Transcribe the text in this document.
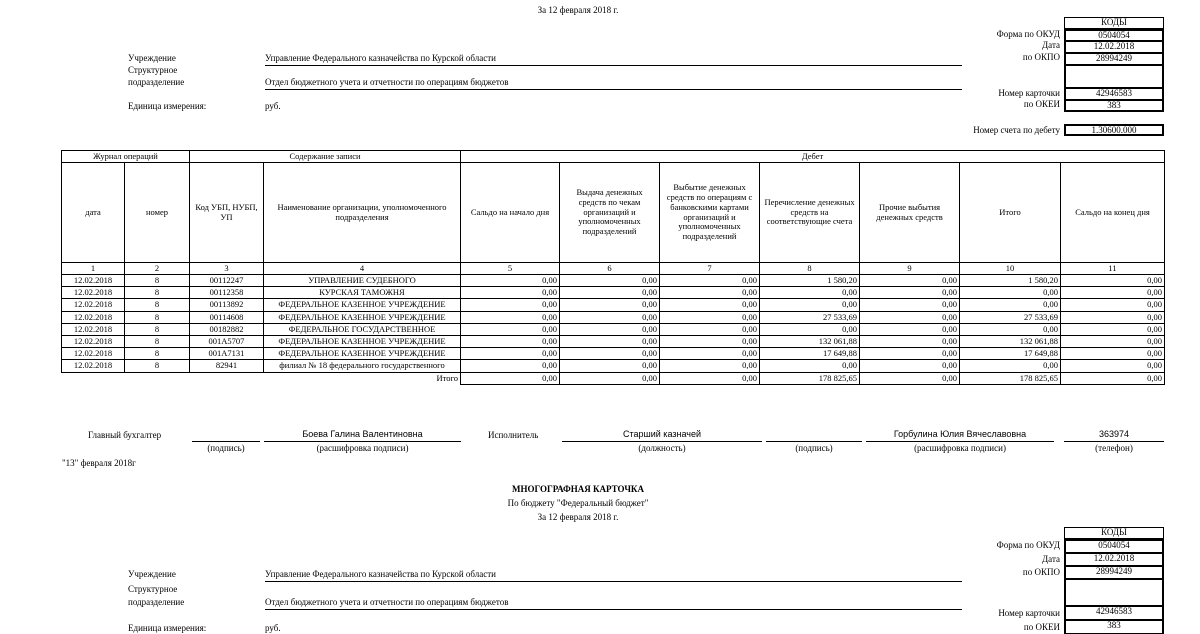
За 12 февраля 2018 г.
КОДЫ
Форма по ОКУД	0504054
Дата	12.02.2018
по ОКПО	28994249
Номер карточки	42946583
по ОКЕИ	383
Номер счета по дебету	1.30600.000
Учреждение	Управление Федерального казначейства по Курской области
Структурное
подразделение	Отдел бюджетного учета и отчетности по операциям бюджетов
Единица измерения:	руб.
Журнал операций		Содержание записи		Дебет						
дата	номер	Код УБП, НУБП, УП	Наименование организации, уполномоченного подразделения	Сальдо на начало дня	Выдача денежных средств по чекам организаций и уполномоченных подразделений	Выбытие денежных средств по операциям с банковскими картами организаций и уполномоченных подразделений	Перечисление денежных средств на соответствующие счета	Прочие выбытия денежных средств	Итого	Сальдо на конец дня
1	2	3	4	5	6	7	8	9	10	11
12.02.2018	8	00112247	УПРАВЛЕНИЕ СУДЕБНОГО	0,00	0,00	0,00	1 580,20	0,00	1 580,20	0,00
12.02.2018	8	00112358	КУРСКАЯ ТАМОЖНЯ	0,00	0,00	0,00	0,00	0,00	0,00	0,00
12.02.2018	8	00113892	ФЕДЕРАЛЬНОЕ КАЗЕННОЕ УЧРЕЖДЕНИЕ	0,00	0,00	0,00	0,00	0,00	0,00	0,00
12.02.2018	8	00114608	ФЕДЕРАЛЬНОЕ КАЗЕННОЕ УЧРЕЖДЕНИЕ	0,00	0,00	0,00	27 533,69	0,00	27 533,69	0,00
12.02.2018	8	00182882	ФЕДЕРАЛЬНОЕ ГОСУДАРСТВЕННОЕ	0,00	0,00	0,00	0,00	0,00	0,00	0,00
12.02.2018	8	001A5707	ФЕДЕРАЛЬНОЕ КАЗЕННОЕ УЧРЕЖДЕНИЕ	0,00	0,00	0,00	132 061,88	0,00	132 061,88	0,00
12.02.2018	8	001A7131	ФЕДЕРАЛЬНОЕ КАЗЕННОЕ УЧРЕЖДЕНИЕ	0,00	0,00	0,00	17 649,88	0,00	17 649,88	0,00
12.02.2018	8	82941	филиал № 18 федерального государственного	0,00	0,00	0,00	0,00	0,00	0,00	0,00
Итого				0,00	0,00	0,00	178 825,65	0,00	178 825,65	0,00
Главный бухгалтер	Боева Галина Валентиновна	Исполнитель	Старший казначей	Горбулина Юлия Вячеславовна	363974
(подпись)	(расшифровка подписи)	(должность)	(подпись)	(расшифровка подписи)	(телефон)
"13" февраля 2018г
МНОГОГРАФНАЯ КАРТОЧКА
По бюджету "Федеральный бюджет"
За 12 февраля 2018 г.
КОДЫ
Форма по ОКУД	0504054
Дата	12.02.2018
по ОКПО	28994249
Номер карточки	42946583
по ОКЕИ	383
Учреждение	Управление Федерального казначейства по Курской области
Структурное
подразделение	Отдел бюджетного учета и отчетности по операциям бюджетов
Единица измерения:	руб.
